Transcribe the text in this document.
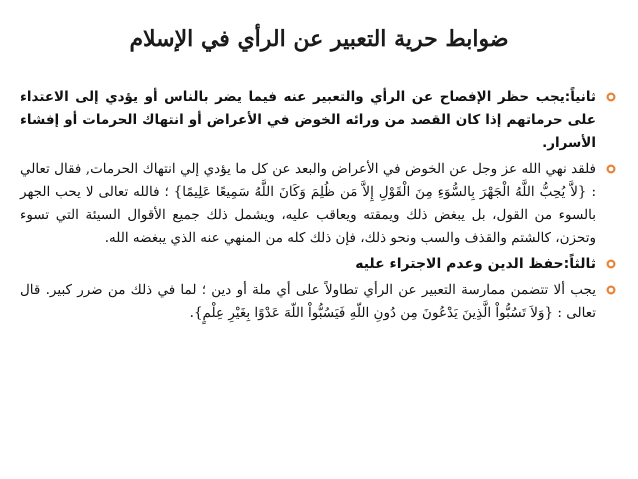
ضوابط حرية التعبير عن الرأي في الإسلام

ثانياً:يجب حظر الإفصاح عن الرأي والتعبير عنه فيما يضر بالناس أو يؤدي إلى الاعتداء على حرماتهم إذا كان القصد من ورائه الخوض في الأعراض أو انتهاك الحرمات أو إفشاء الأسرار.

فلقد نهي الله عز وجل عن الخوض في الأعراض والبعد عن كل ما يؤدي إلي انتهاك الحرمات, فقال تعالي : {لاَّ يُحِبُّ اللَّهُ الْجَهْرَ بِالسُّوَءِ مِنَ الْقَوْلِ إِلاَّ مَن ظُلِمَ وَكَانَ اللَّهُ سَمِيعًا عَلِيمًا} ؛ فالله تعالى لا يحب الجهر بالسوء من القول، بل يبغض ذلك ويمقته ويعاقب عليه، ويشمل ذلك جميع الأقوال السيئة التي تسوء وتحزن، كالشتم والقذف والسب ونحو ذلك، فإن ذلك كله من المنهي عنه الذي يبغضه الله.

ثالثاً:حفظ الدين وعدم الاجتراء عليه

يجب ألا تتضمن ممارسة التعبير عن الرأي تطاولاً على أي ملة أو دين ؛ لما في ذلك من ضرر كبير. قال تعالى : {وَلاَ تَسُبُّواْ الَّذِينَ يَدْعُونَ مِن دُونِ اللّهِ فَيَسُبُّواْ اللّهَ عَدْوًا بِغَيْرِ عِلْمٍ}.
